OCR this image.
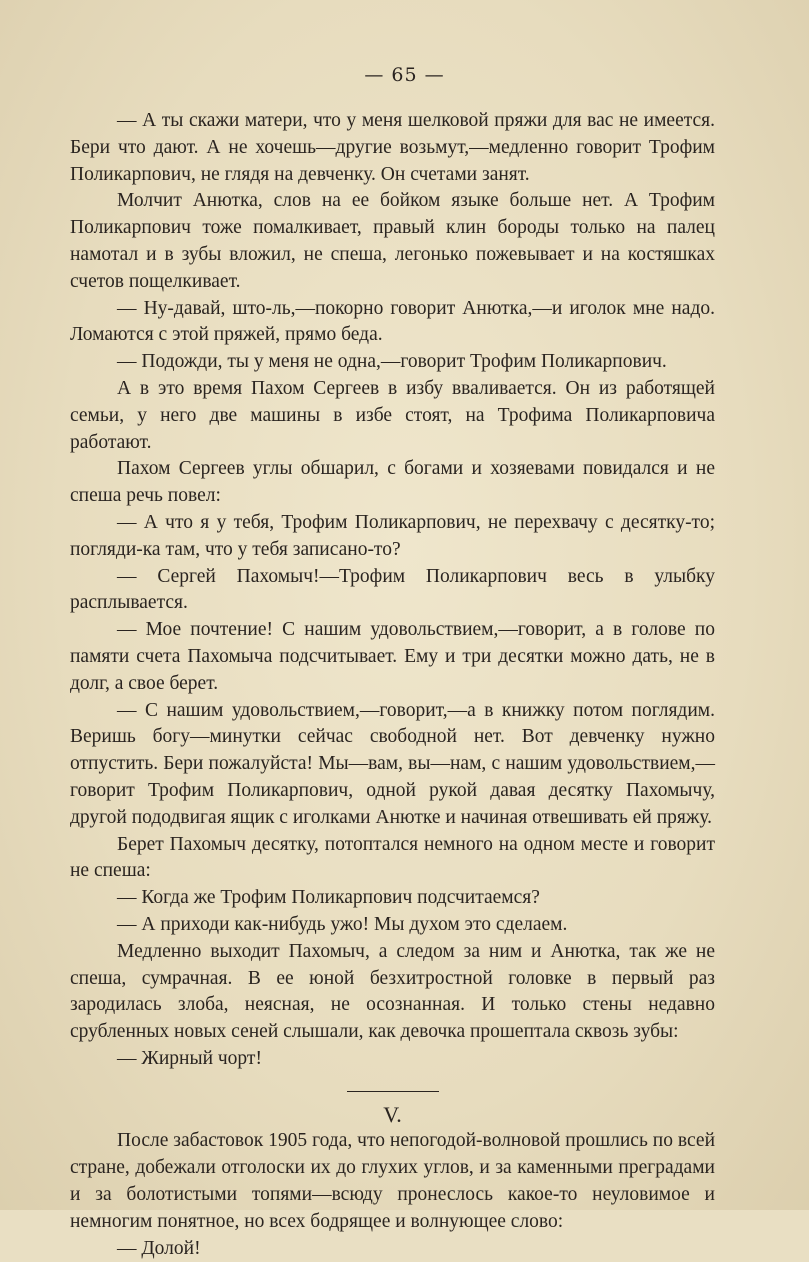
— 65 —

— А ты скажи матери, что у меня шелковой пряжи для вас не имеется. Бери что дают. А не хочешь—другие возьмут,—медленно говорит Трофим Поликарпович, не глядя на девченку. Он счетами занят.

Молчит Анютка, слов на ее бойком языке больше нет. А Трофим Поликарпович тоже помалкивает, правый клин бороды только на палец намотал и в зубы вложил, не спеша, легонько пожевывает и на костяшках счетов пощелкивает.

— Ну-давай, што-ль,—покорно говорит Анютка,—и иголок мне надо. Ломаются с этой пряжей, прямо беда.

— Подожди, ты у меня не одна,—говорит Трофим Поликарпович.

А в это время Пахом Сергеев в избу вваливается. Он из работящей семьи, у него две машины в избе стоят, на Трофима Поликарповича работают.

Пахом Сергеев углы обшарил, с богами и хозяевами повидался и не спеша речь повел:

— А что я у тебя, Трофим Поликарпович, не перехвачу с десятку-то; погляди-ка там, что у тебя записано-то?

— Сергей Пахомыч!—Трофим Поликарпович весь в улыбку расплывается.

— Мое почтение! С нашим удовольствием,—говорит, а в голове по памяти счета Пахомыча подсчитывает. Ему и три десятки можно дать, не в долг, а свое берет.

— С нашим удовольствием,—говорит,—а в книжку потом поглядим. Веришь богу—минутки сейчас свободной нет. Вот девченку нужно отпустить. Бери пожалуйста! Мы—вам, вы—нам, с нашим удовольствием,—говорит Трофим Поликарпович, одной рукой давая десятку Пахомычу, другой пододвигая ящик с иголками Анютке и начиная отвешивать ей пряжу.

Берет Пахомыч десятку, потоптался немного на одном месте и говорит не спеша:

— Когда же Трофим Поликарпович подсчитаемся?

— А приходи как-нибудь ужо! Мы духом это сделаем.

Медленно выходит Пахомыч, а следом за ним и Анютка, так же не спеша, сумрачная. В ее юной безхитростной головке в первый раз зародилась злоба, неясная, не осознанная. И только стены недавно срубленных новых сеней слышали, как девочка прошептала сквозь зубы:

— Жирный чорт!

V.

После забастовок 1905 года, что непогодой-волновой прошлись по всей стране, добежали отголоски их до глухих углов, и за каменными преградами и за болотистыми топями—всюду пронеслось какое-то неуловимое и немногим понятное, но всех бодрящее и волнующее слово:

— Долой!
